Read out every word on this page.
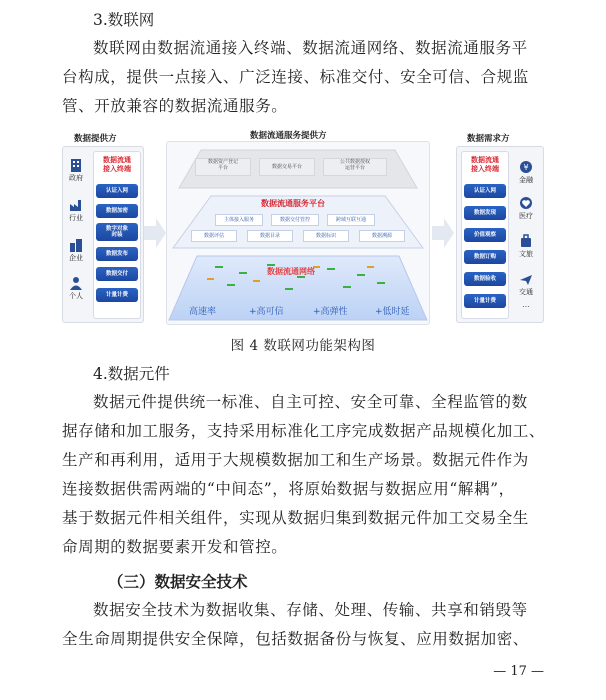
3.数联网

数联网由数据流通接入终端、数据流通网络、数据流通服务平

台构成，提供一点接入、广泛连接、标准交付、安全可信、合规监

管、开放兼容的数据流通服务。

数据提供方	数据流通服务提供方	数据需求方
政府
行业
企业
个人
数据流通
接入终端
认证入网
数据加密
数字对象
封装
数据发布
数据交付
计量计费
数据资产登记
平台	数据交易平台
公共数据授权
运营平台
数据流通服务平台
主体接入服务	数据交付管控	跨域互联互通
数据评估	数据目录	数据标识	数据溯源
数据流通网络
高速率	+高可信	+高弹性	+低时延
数据流通
接入终端
认证入网
数据发现
价值观察
数据订购
数据验收
计量计费
¥
金融
医疗
文旅
交通
…
图 4 数联网功能架构图
4.数据元件

数据元件提供统一标准、自主可控、安全可靠、全程监管的数

据存储和加工服务，支持采用标准化工序完成数据产品规模化加工、

生产和再利用，适用于大规模数据加工和生产场景。数据元件作为

连接数据供需两端的“中间态”，将原始数据与数据应用“解耦”，

基于数据元件相关组件，实现从数据归集到数据元件加工交易全生

命周期的数据要素开发和管控。

（三）数据安全技术

数据安全技术为数据收集、存储、处理、传输、共享和销毁等

全生命周期提供安全保障，包括数据备份与恢复、应用数据加密、

— 17 —
